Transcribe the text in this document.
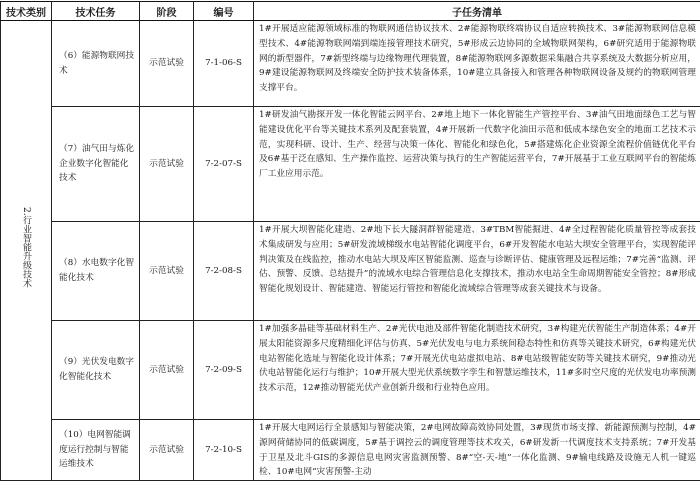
技术类别	技术任务	阶段	编号	子任务清单
2.行业智能升级技术	（6）能源物联网技术	示范试验	7-1-06-S	1#开展适应能源领域标准的物联网通信协议技术、2#能源物联终端协议自适应转换技术、3#能源物联网信息模型技术、4#能源物联网端到端连接管理技术研究，5#形成云边协同的全域物联网架构，6#研究适用于能源物联网的新型器件，7#新型终端与边缘物理代理装置，8#能源物联网多源数据采集融合共享系统及大数据分析应用，9#建设能源物联网及终端安全防护技术装备体系，10#建立具备接入和管理各种物联网设备及规约的物联网管理支撑平台。
	（7）油气田与炼化企业数字化智能化技术	示范试验	7-2-07-S	1#研发油气勘探开发一体化智能云网平台、2#地上地下一体化智能生产管控平台、3#油气田地面绿色工艺与智能建设优化平台等关键技术系列及配套装置，4#开展新一代数字化油田示范和低成本绿色安全的地面工艺技术示范，实现科研、设计、生产、经营与决策一体化、智能化和绿色化，5#搭建炼化企业资源全流程价值链优化平台及6#基于泛在感知、生产操作监控、运营决策与执行的生产智能运营平台，7#开展基于工业互联网平台的智能炼厂工业应用示范。
	（8）水电数字化智能化技术	示范试验	7-2-08-S	1#开展大坝智能化建造、2#地下长大隧洞群智能建造、3#TBM智能掘进、4#全过程智能化质量管控等成套技术集成研发与应用；5#研发流域梯级水电站智能化调度平台，6#开发智能水电站大坝安全管理平台，实现智能评判决策及在线监控，推动水电站大坝及库区智能监测、巡查与诊断评估、健康管理及远程运维；7#完善“监测、评估、预警、反馈、总结提升”的流域水电综合管理信息化支撑技术，推动水电站全生命周期智能安全管控；8#形成智能化规划设计、智能建造、智能运行管控和智能化流域综合管理等成套关键技术与设备。
	（9）光伏发电数字化智能化技术	示范试验	7-2-09-S	1#加强多晶硅等基础材料生产、2#光伏电池及部件智能化制造技术研究，3#构建光伏智能生产制造体系；4#开展太阳能资源多尺度精细化评估与仿真、5#光伏发电与电力系统间稳态特性和仿真等关键技术研究，6#构建光伏电站智能化选址与智能化设计体系；7#开展光伏电站虚拟电站、8#电站级智能安防等关键技术研究，9#推动光伏电站智能化运行与维护；10#开展大型光伏系统数字孪生和智慧运维技术，11#多时空尺度的光伏发电功率预测技术示范，12#推动智能光伏产业创新升级和行业特色应用。
	（10）电网智能调度运行控制与智能运维技术	示范试验	7-2-10-S	1#开展大电网运行全景感知与智能决策，2#电网故障高效协同处置，3#现货市场支撑、新能源预测与控制，4#源网荷储协同的低碳调度，5#基于调控云的调度管理等技术攻关，6#研发新一代调度技术支持系统；7#开发基于卫星及北斗GIS的多源信息电网灾害监测预警、8#“空-天-地”一体化监测、9#输电线路及设施无人机一键巡检、10#电网“灾害预警-主动
